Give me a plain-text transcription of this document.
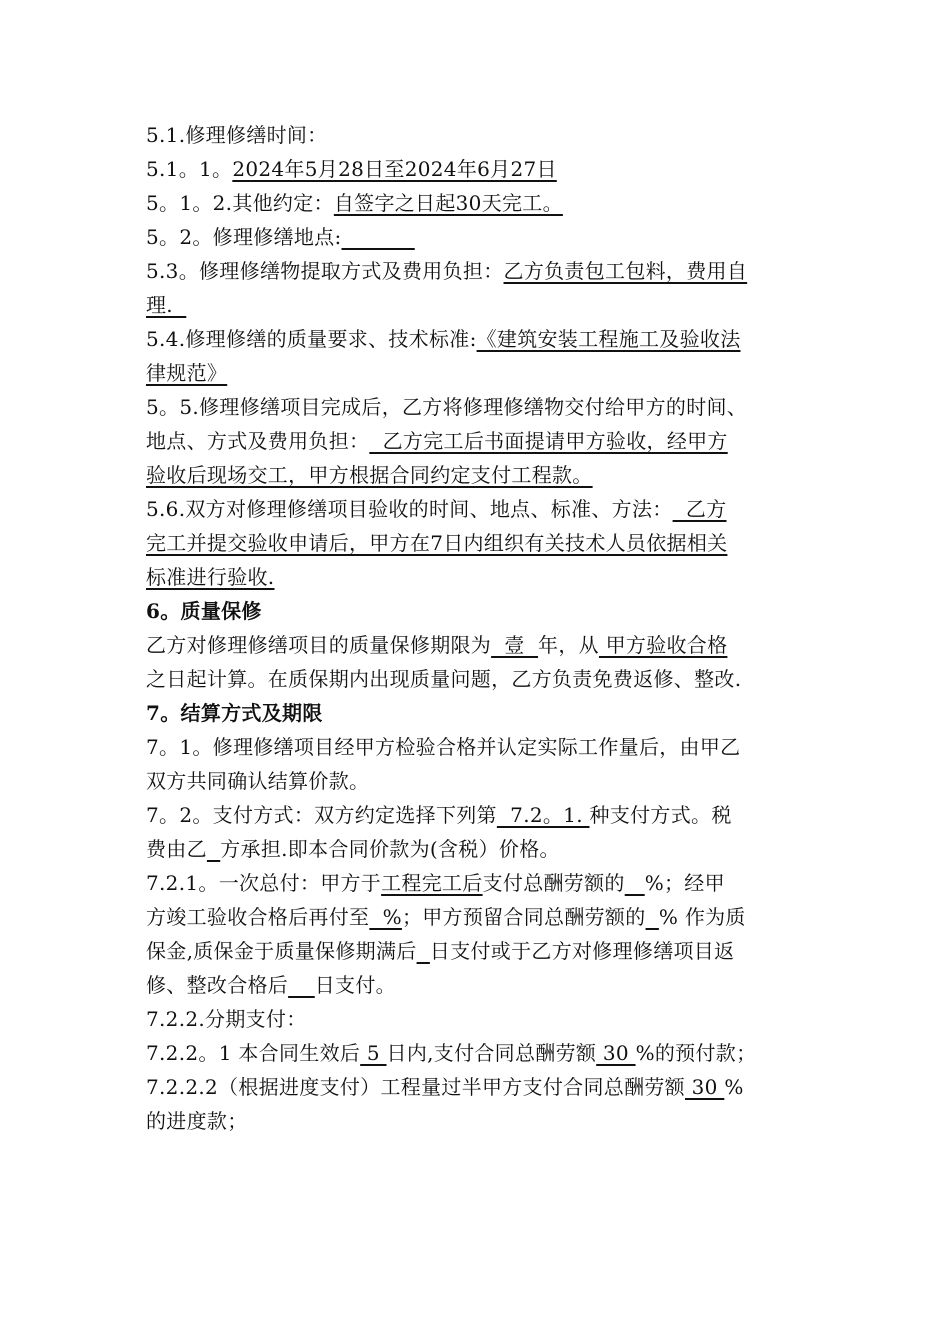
5.1.修理修缮时间：
5.1。1。2024年5月28日至2024年6月27日
5。1。2.其他约定：自签字之日起30天完工。
5。2。修理修缮地点:
5.3。修理修缮物提取方式及费用负担：乙方负责包工包料，费用自
理.
5.4.修理修缮的质量要求、技术标准:《建筑安装工程施工及验收法
律规范》
5。5.修理修缮项目完成后，乙方将修理修缮物交付给甲方的时间、
地点、方式及费用负担：  乙方完工后书面提请甲方验收，经甲方
验收后现场交工，甲方根据合同约定支付工程款。
5.6.双方对修理修缮项目验收的时间、地点、标准、方法：  乙方
完工并提交验收申请后，甲方在7日内组织有关技术人员依据相关
标准进行验收.
6。质量保修
乙方对修理修缮项目的质量保修期限为  壹  年，从 甲方验收合格
之日起计算。在质保期内出现质量问题，乙方负责免费返修、整改.
7。结算方式及期限
7。1。修理修缮项目经甲方检验合格并认定实际工作量后，由甲乙
双方共同确认结算价款。
7。2。支付方式：双方约定选择下列第  7.2。1. 种支付方式。税
费由乙 方承担.即本合同价款为(含税）价格。
7.2.1。一次总付：甲方于工程完工后支付总酬劳额的 %；经甲
方竣工验收合格后再付至  %；甲方预留合同总酬劳额的 % 作为质
保金,质保金于质量保修期满后 日支付或于乙方对修理修缮项目返
修、整改合格后 日支付。
7.2.2.分期支付：
7.2.2。1 本合同生效后 5 日内,支付合同总酬劳额 30 %的预付款；
7.2.2.2（根据进度支付）工程量过半甲方支付合同总酬劳额 30 %
的进度款；
